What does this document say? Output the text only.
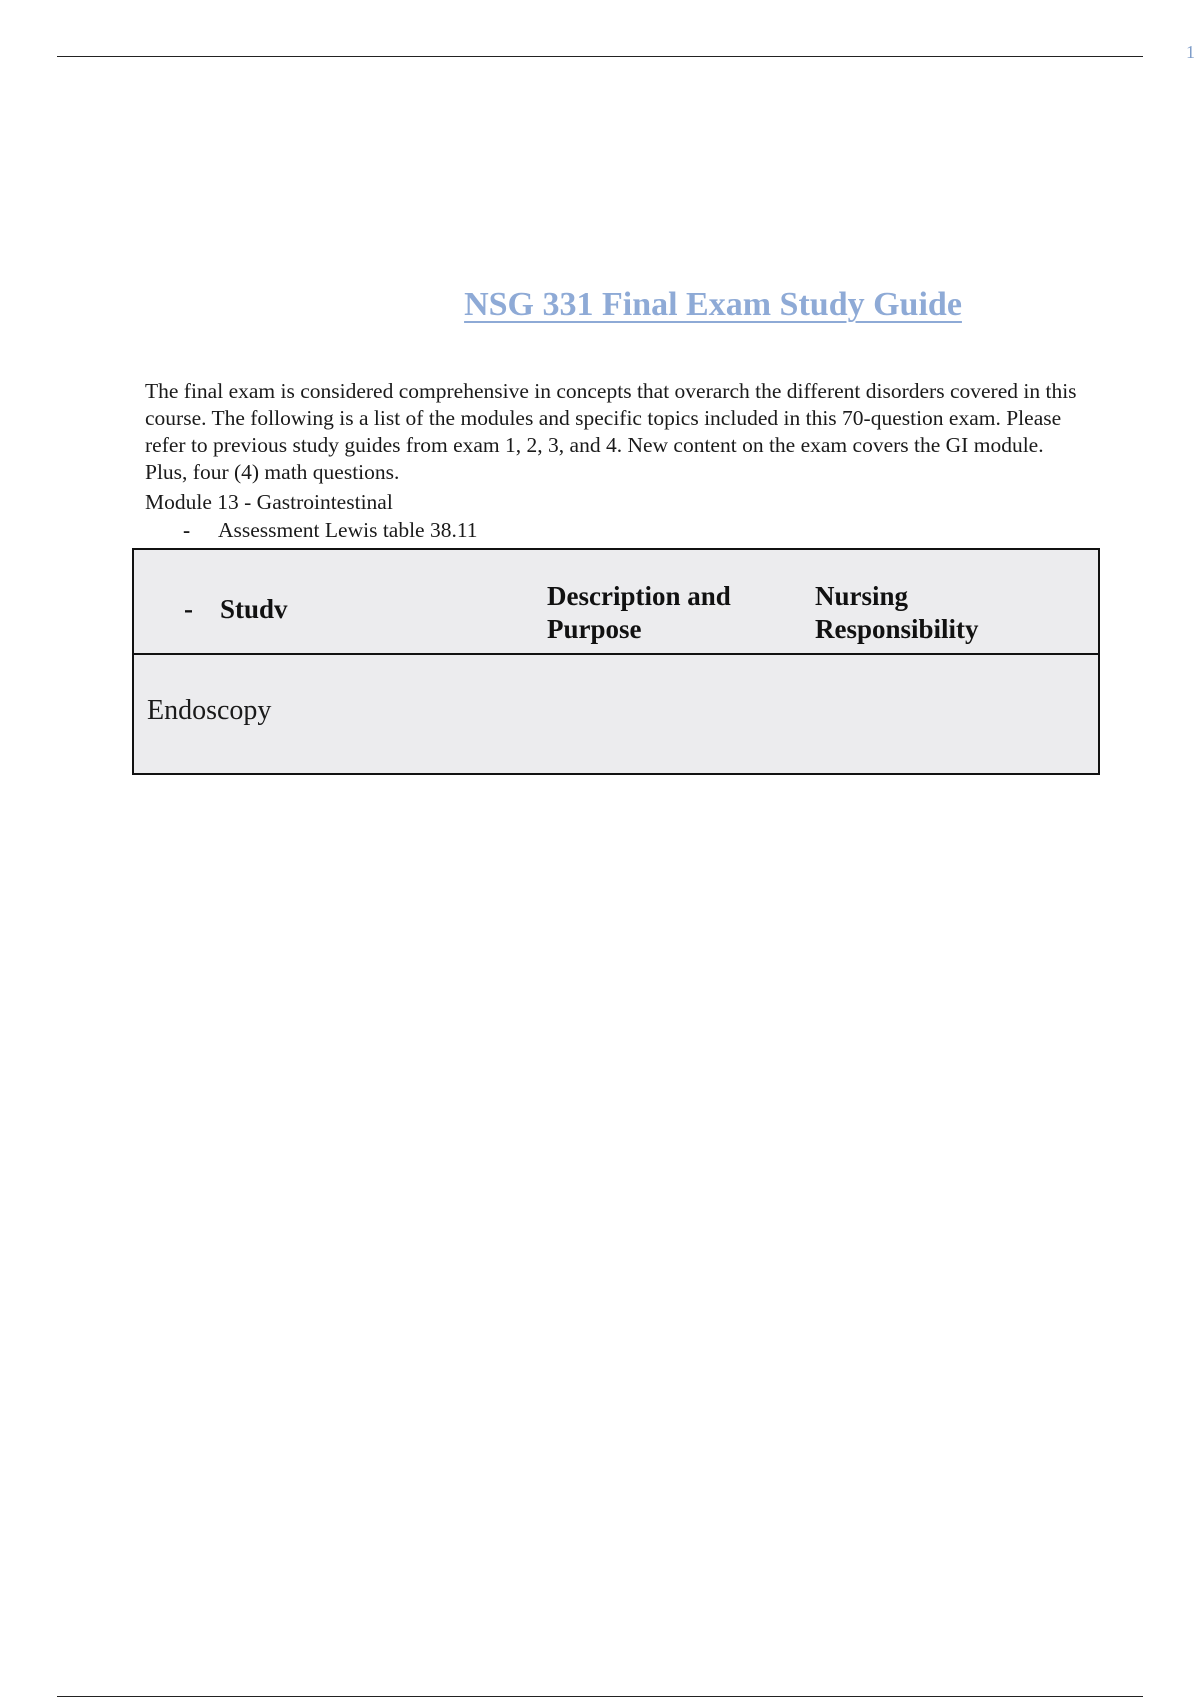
1
NSG 331 Final Exam Study Guide

The final exam is considered comprehensive in concepts that overarch the different disorders covered in this course. The following is a list of the modules and specific topics included in this 70-question exam. Please refer to previous study guides from exam 1, 2, 3, and 4. New content on the exam covers the GI module. Plus, four (4) math questions.

Module 13 - Gastrointestinal

- Assessment Lewis table 38.11
- Studv	Description and Purpose
Nursing Responsibility
Endoscopy
